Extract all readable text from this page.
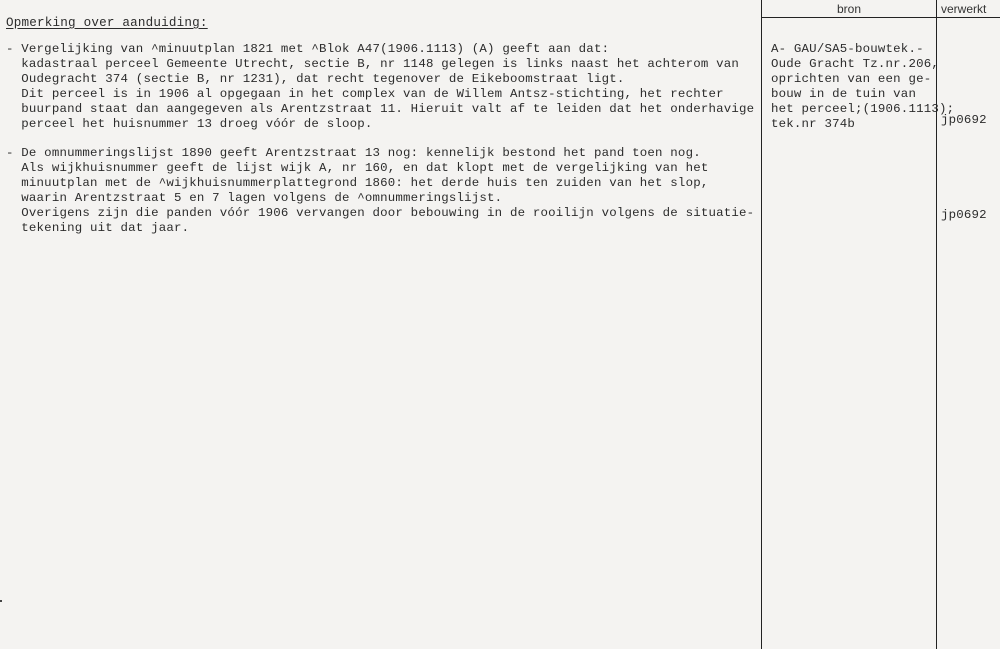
Opmerking over aanduiding:
- Vergelijking van ^minuutplan 1821 met ^Blok A47(1906.1113) (A) geeft aan dat:
kadastraal perceel Gemeente Utrecht, sectie B, nr 1148 gelegen is links naast het achterom van
Oudegracht 374 (sectie B, nr 1231), dat recht tegenover de Eikeboomstraat ligt.
Dit perceel is in 1906 al opgegaan in het complex van de Willem Antsz-stichting, het rechter
buurpand staat dan aangegeven als Arentzstraat 11. Hieruit valt af te leiden dat het onderhavige
perceel het huisnummer 13 droeg vóór de sloop.
- De omnummeringslijst 1890 geeft Arentzstraat 13 nog: kennelijk bestond het pand toen nog.
Als wijkhuisnummer geeft de lijst wijk A, nr 160, en dat klopt met de vergelijking van het
minuutplan met de ^wijkhuisnummerplattegrond 1860: het derde huis ten zuiden van het slop,
waarin Arentzstraat 5 en 7 lagen volgens de ^omnummeringslijst.
Overigens zijn die panden vóór 1906 vervangen door bebouwing in de rooilijn volgens de situatie-
tekening uit dat jaar.
bron	verwerkt
A- GAU/SA5-bouwtek.-
Oude Gracht Tz.nr.206,
oprichten van een ge-
bouw in de tuin van
het perceel;(1906.1113);
tek.nr 374b	jp0692
jp0692
